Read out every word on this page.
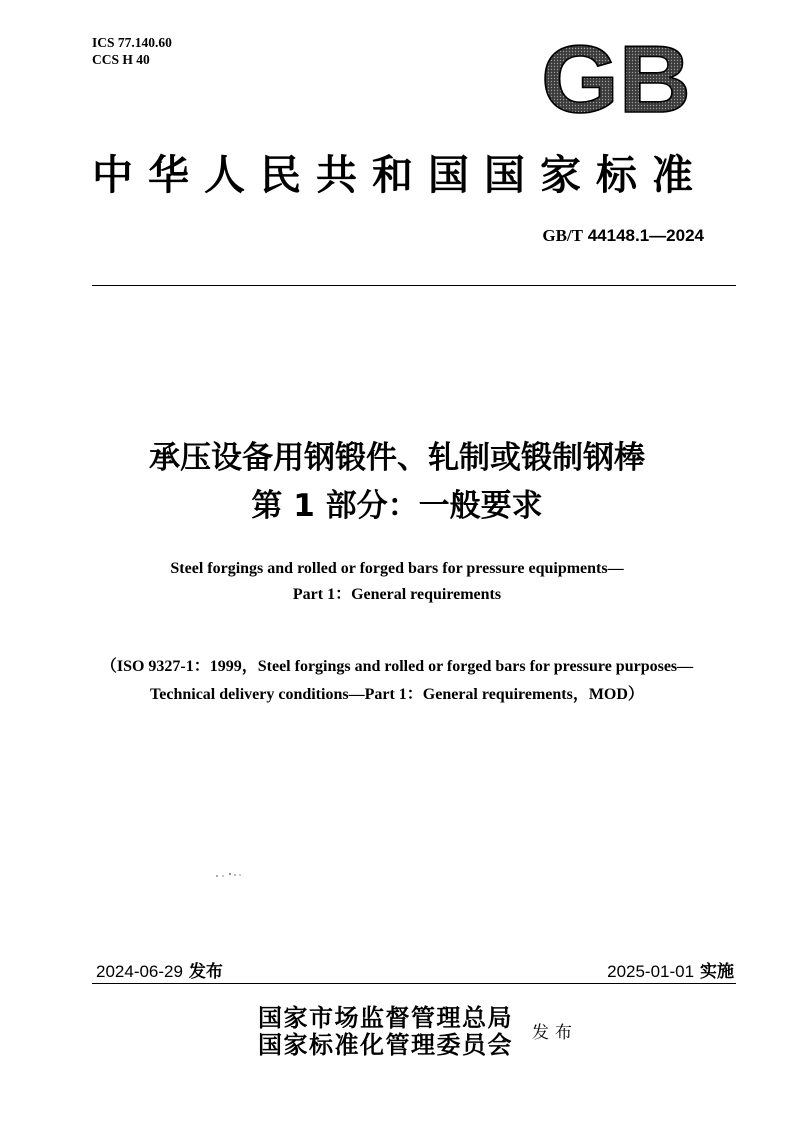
ICS 77.140.60
CCS H 40	GB
中华人民共和国国家标准
GB/T 44148.1—2024
承压设备用钢锻件、轧制或锻制钢棒
第 1 部分：一般要求
Steel forgings and rolled or forged bars for pressure equipments—
Part 1：General requirements
（ISO 9327-1：1999，Steel forgings and rolled or forged bars for pressure purposes—
Technical delivery conditions—Part 1：General requirements，MOD）
2024-06-29 发布	2025-01-01 实施
国家市场监督管理总局
国家标准化管理委员会 发布
